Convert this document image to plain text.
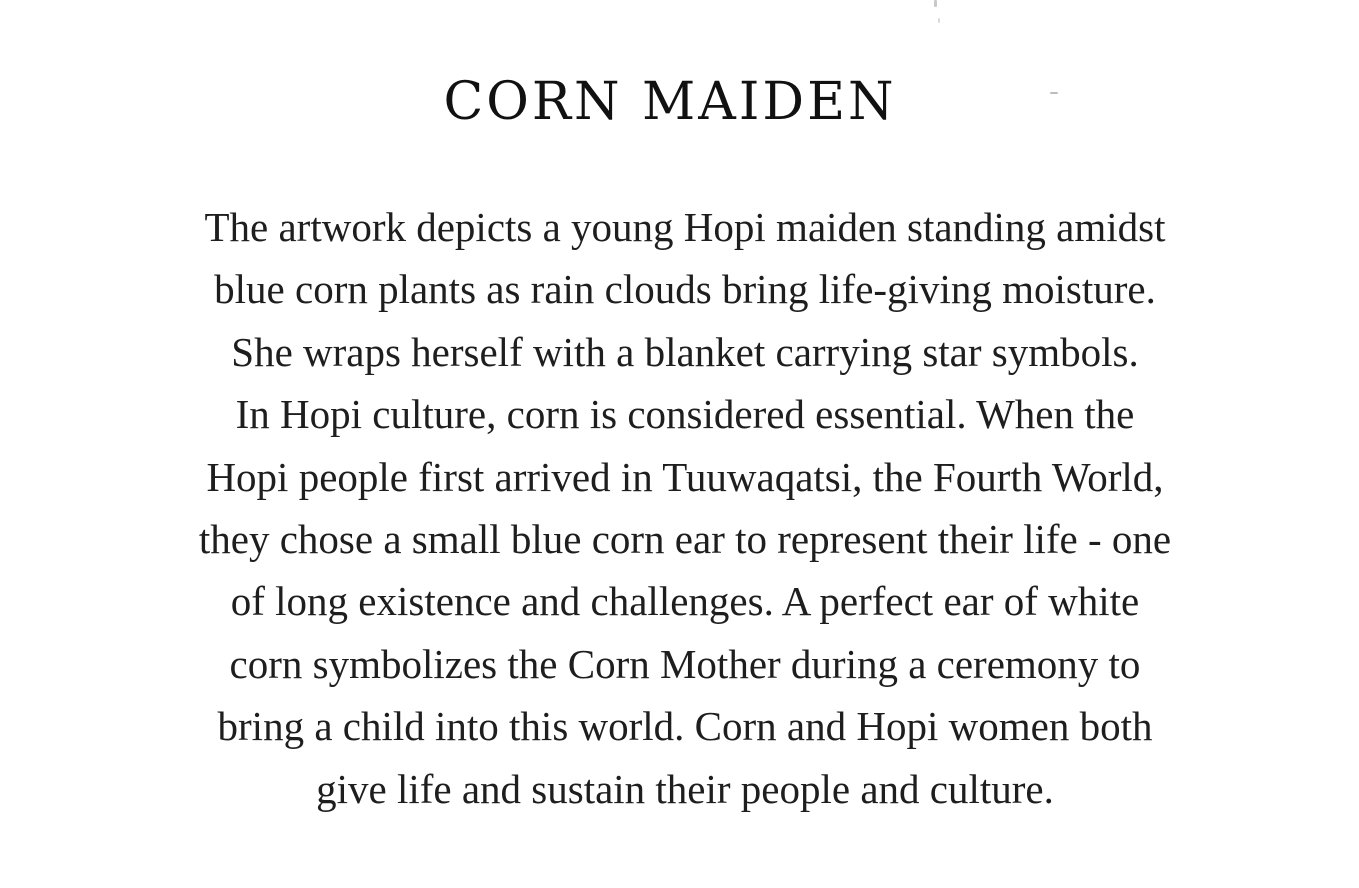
CORN MAIDEN

The artwork depicts a young Hopi maiden standing amidst
blue corn plants as rain clouds bring life-giving moisture.
She wraps herself with a blanket carrying star symbols.
In Hopi culture, corn is considered essential. When the
Hopi people first arrived in Tuuwaqatsi, the Fourth World,
they chose a small blue corn ear to represent their life - one
of long existence and challenges. A perfect ear of white
corn symbolizes the Corn Mother during a ceremony to
bring a child into this world. Corn and Hopi women both
give life and sustain their people and culture.
